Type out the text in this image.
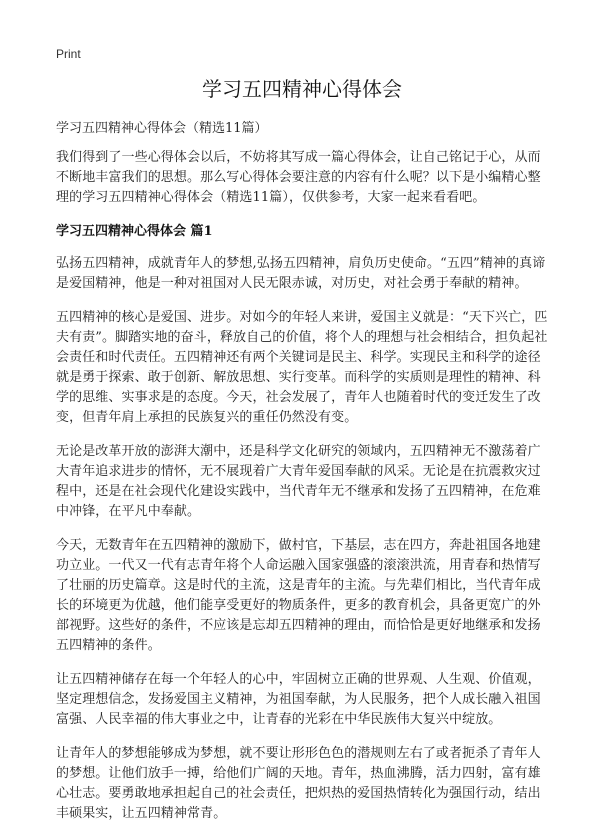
Print
学习五四精神心得体会
学习五四精神心得体会（精选11篇）

我们得到了一些心得体会以后，不妨将其写成一篇心得体会，让自己铭记于心，从而不断地丰富我们的思想。那么写心得体会要注意的内容有什么呢？以下是小编精心整理的学习五四精神心得体会（精选11篇），仅供参考，大家一起来看看吧。

学习五四精神心得体会 篇1

弘扬五四精神，成就青年人的梦想,弘扬五四精神，肩负历史使命。“五四”精神的真谛是爱国精神，他是一种对祖国对人民无限赤诚，对历史，对社会勇于奉献的精神。

五四精神的核心是爱国、进步。对如今的年轻人来讲，爱国主义就是：“天下兴亡，匹夫有责”。脚踏实地的奋斗，释放自己的价值，将个人的理想与社会相结合，担负起社会责任和时代责任。五四精神还有两个关键词是民主、科学。实现民主和科学的途径就是勇于探索、敢于创新、解放思想、实行变革。而科学的实质则是理性的精神、科学的思维、实事求是的态度。今天，社会发展了，青年人也随着时代的变迁发生了改变，但青年肩上承担的民族复兴的重任仍然没有变。

无论是改革开放的澎湃大潮中，还是科学文化研究的领域内，五四精神无不激荡着广大青年追求进步的情怀，无不展现着广大青年爱国奉献的风采。无论是在抗震救灾过程中，还是在社会现代化建设实践中，当代青年无不继承和发扬了五四精神，在危难中冲锋，在平凡中奉献。

今天，无数青年在五四精神的激励下，做村官，下基层，志在四方，奔赴祖国各地建功立业。一代又一代有志青年将个人命运融入国家强盛的滚滚洪流，用青春和热情写了壮丽的历史篇章。这是时代的主流，这是青年的主流。与先辈们相比，当代青年成长的环境更为优越，他们能享受更好的物质条件，更多的教育机会，具备更宽广的外部视野。这些好的条件，不应该是忘却五四精神的理由，而恰恰是更好地继承和发扬五四精神的条件。

让五四精神储存在每一个年轻人的心中，牢固树立正确的世界观、人生观、价值观，坚定理想信念，发扬爱国主义精神，为祖国奉献，为人民服务，把个人成长融入祖国富强、人民幸福的伟大事业之中，让青春的光彩在中华民族伟大复兴中绽放。

让青年人的梦想能够成为梦想，就不要让形形色色的潜规则左右了或者扼杀了青年人的梦想。让他们放手一搏，给他们广阔的天地。青年，热血沸腾，活力四射，富有雄心壮志。要勇敢地承担起自己的社会责任，把炽热的爱国热情转化为强国行动，结出丰硕果实，让五四精神常青。
